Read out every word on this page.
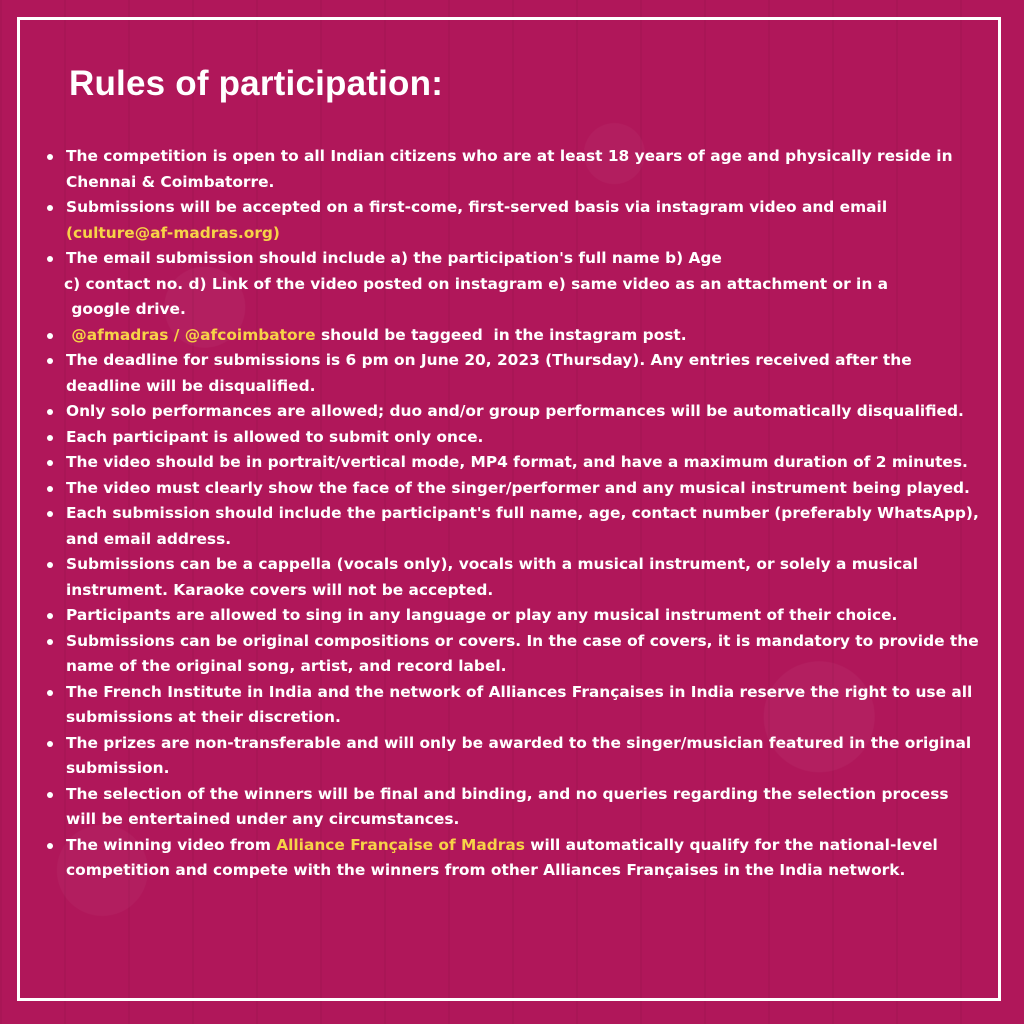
Rules of participation:
The competition is open to all Indian citizens who are at least 18 years of age and physically reside in Chennai & Coimbatorre.
Submissions will be accepted on a first-come, first-served basis via instagram video and email
(culture@af-madras.org)
The email submission should include a) the participation's full name b) Age
c) contact no. d) Link of the video posted on instagram e) same video as an attachment or in a
google drive.
@afmadras / @afcoimbatore should be taggeed  in the instagram post.
The deadline for submissions is 6 pm on June 20, 2023 (Thursday). Any entries received after the deadline will be disqualified.
Only solo performances are allowed; duo and/or group performances will be automatically disqualified.
Each participant is allowed to submit only once.
The video should be in portrait/vertical mode, MP4 format, and have a maximum duration of 2 minutes.
The video must clearly show the face of the singer/performer and any musical instrument being played.
Each submission should include the participant's full name, age, contact number (preferably WhatsApp), and email address.
Submissions can be a cappella (vocals only), vocals with a musical instrument, or solely a musical instrument. Karaoke covers will not be accepted.
Participants are allowed to sing in any language or play any musical instrument of their choice.
Submissions can be original compositions or covers. In the case of covers, it is mandatory to provide the name of the original song, artist, and record label.
The French Institute in India and the network of Alliances Françaises in India reserve the right to use all submissions at their discretion.
The prizes are non-transferable and will only be awarded to the singer/musician featured in the original submission.
The selection of the winners will be final and binding, and no queries regarding the selection process will be entertained under any circumstances.
The winning video from Alliance Française of Madras will automatically qualify for the national-level competition and compete with the winners from other Alliances Françaises in the India network.
